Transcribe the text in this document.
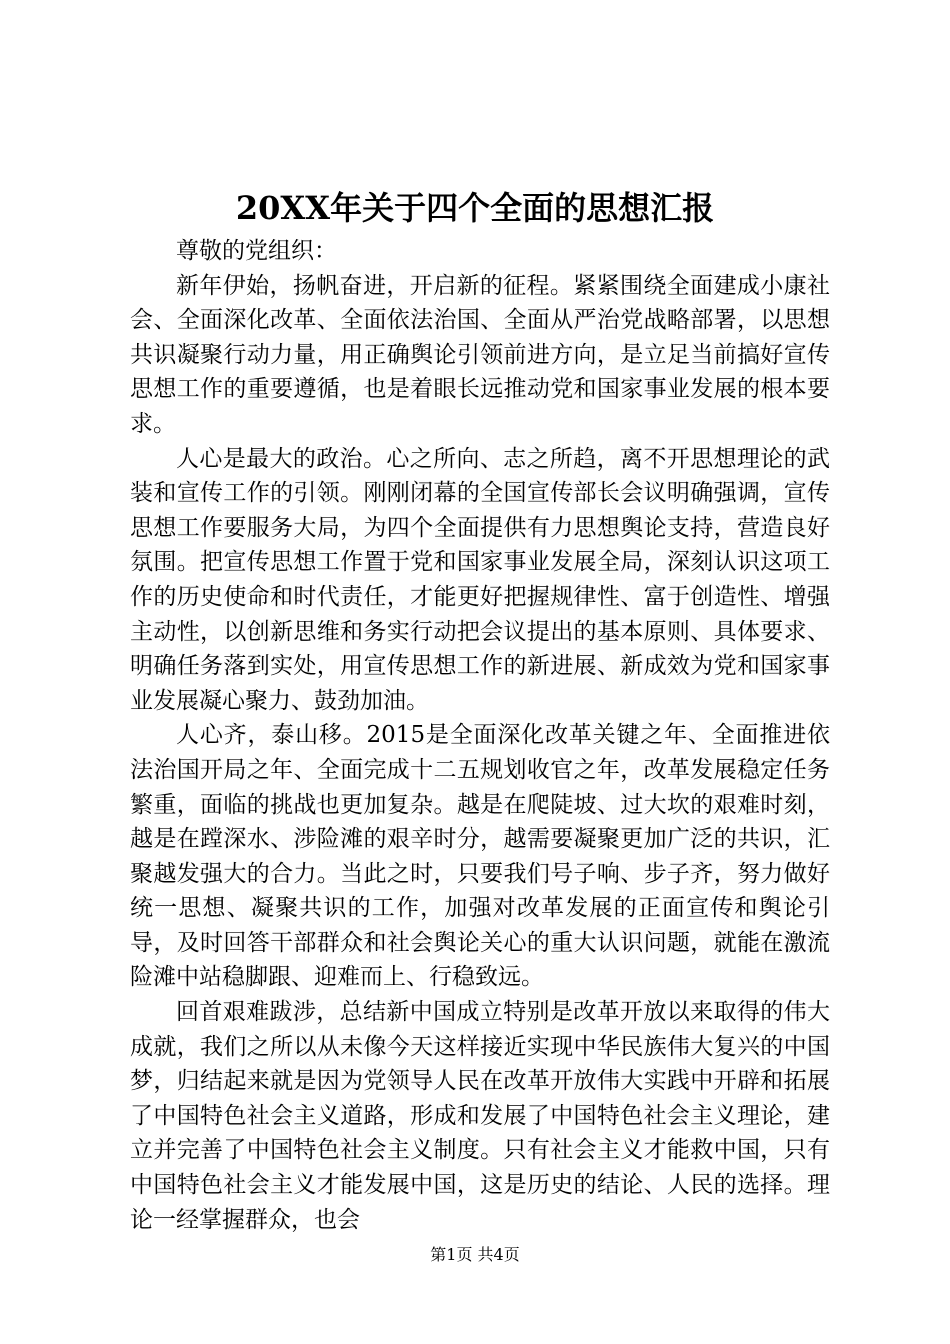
20XX年关于四个全面的思想汇报

尊敬的党组织：

新年伊始，扬帆奋进，开启新的征程。紧紧围绕全面建成小康社会、全面深化改革、全面依法治国、全面从严治党战略部署，以思想共识凝聚行动力量，用正确舆论引领前进方向，是立足当前搞好宣传思想工作的重要遵循，也是着眼长远推动党和国家事业发展的根本要求。

人心是最大的政治。心之所向、志之所趋，离不开思想理论的武装和宣传工作的引领。刚刚闭幕的全国宣传部长会议明确强调，宣传思想工作要服务大局，为四个全面提供有力思想舆论支持，营造良好氛围。把宣传思想工作置于党和国家事业发展全局，深刻认识这项工作的历史使命和时代责任，才能更好把握规律性、富于创造性、增强主动性，以创新思维和务实行动把会议提出的基本原则、具体要求、明确任务落到实处，用宣传思想工作的新进展、新成效为党和国家事业发展凝心聚力、鼓劲加油。

人心齐，泰山移。2015是全面深化改革关键之年、全面推进依法治国开局之年、全面完成十二五规划收官之年，改革发展稳定任务繁重，面临的挑战也更加复杂。越是在爬陡坡、过大坎的艰难时刻，越是在蹚深水、涉险滩的艰辛时分，越需要凝聚更加广泛的共识，汇聚越发强大的合力。当此之时，只要我们号子响、步子齐，努力做好统一思想、凝聚共识的工作，加强对改革发展的正面宣传和舆论引导，及时回答干部群众和社会舆论关心的重大认识问题，就能在激流险滩中站稳脚跟、迎难而上、行稳致远。

回首艰难跋涉，总结新中国成立特别是改革开放以来取得的伟大成就，我们之所以从未像今天这样接近实现中华民族伟大复兴的中国梦，归结起来就是因为党领导人民在改革开放伟大实践中开辟和拓展了中国特色社会主义道路，形成和发展了中国特色社会主义理论，建立并完善了中国特色社会主义制度。只有社会主义才能救中国，只有中国特色社会主义才能发展中国，这是历史的结论、人民的选择。理论一经掌握群众，也会

第1页 共4页
